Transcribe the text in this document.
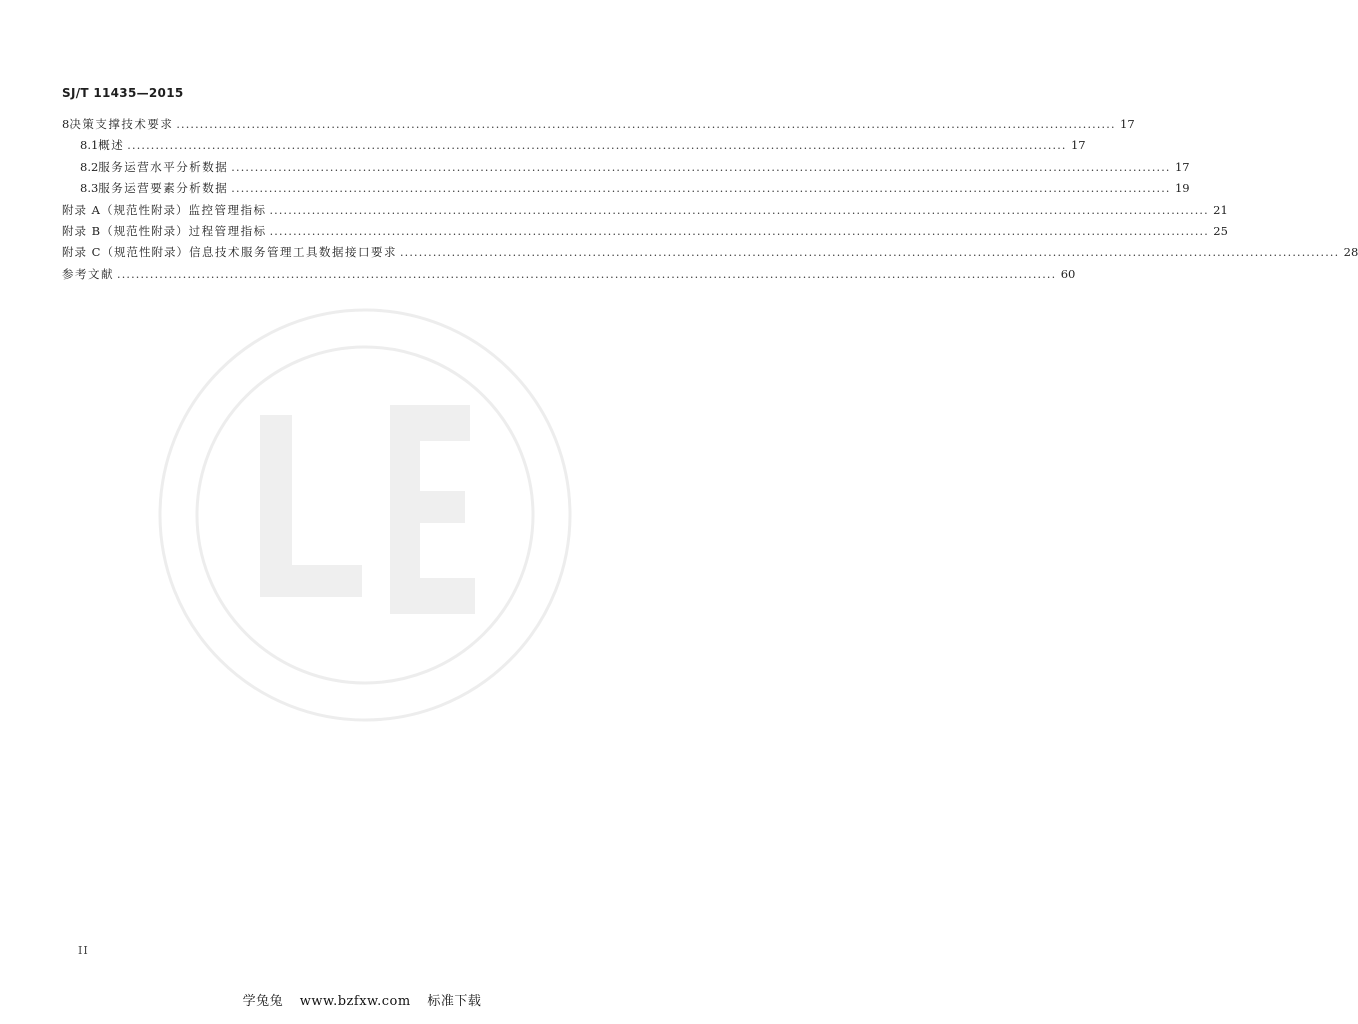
SJ/T 11435—2015
8 决策支撑技术要求 ........................................................................................................................................................................................................ 17
8.1 概述 ........................................................................................................................................................................................................ 17
8.2 服务运营水平分析数据 ........................................................................................................................................................................................................ 17
8.3 服务运营要素分析数据 ........................................................................................................................................................................................................ 19
附录 A（规范性附录） 监控管理指标 ........................................................................................................................................................................................................ 21
附录 B（规范性附录） 过程管理指标 ........................................................................................................................................................................................................ 25
附录 C（规范性附录） 信息技术服务管理工具数据接口要求 ........................................................................................................................................................................................................ 28
参考文献 ........................................................................................................................................................................................................ 60
II
学兔兔 www.bzfxw.com 标准下载
